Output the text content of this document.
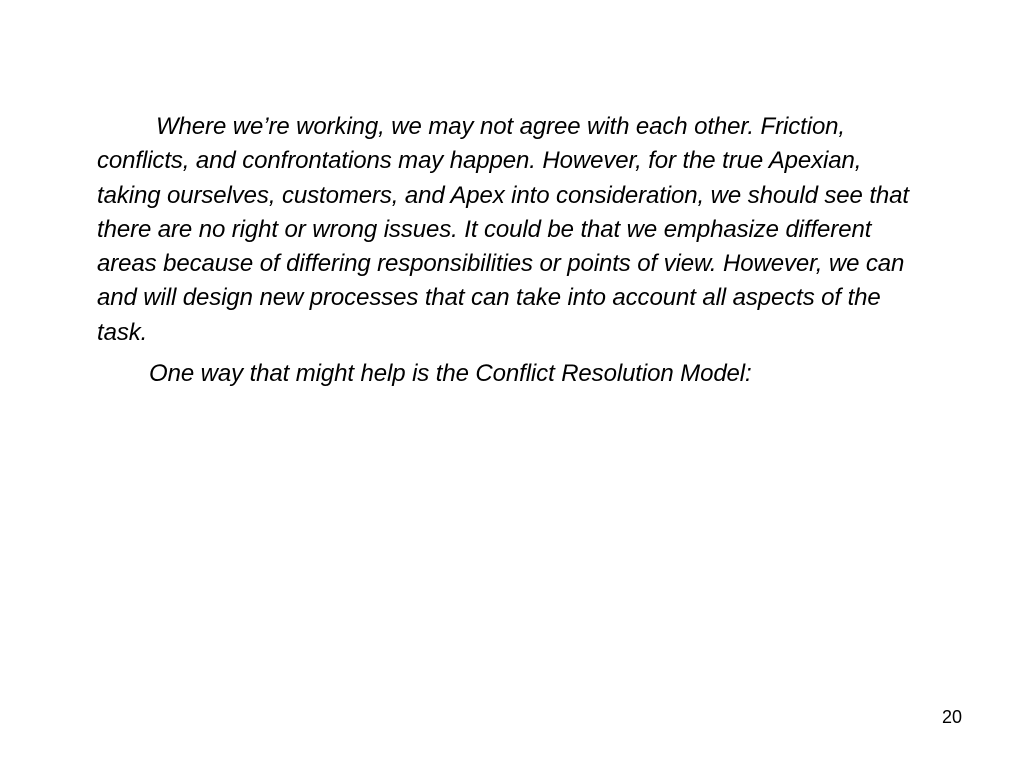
Where we’re working, we may not agree with each other. Friction, conflicts, and confrontations may happen. However, for the true Apexian, taking ourselves, customers, and Apex into consideration, we should see that there are no right or wrong issues. It could be that we emphasize different areas because of differing responsibilities or points of view. However, we can and will design new processes that can take into account all aspects of the task.

One way that might help is the Conflict Resolution Model:

20
